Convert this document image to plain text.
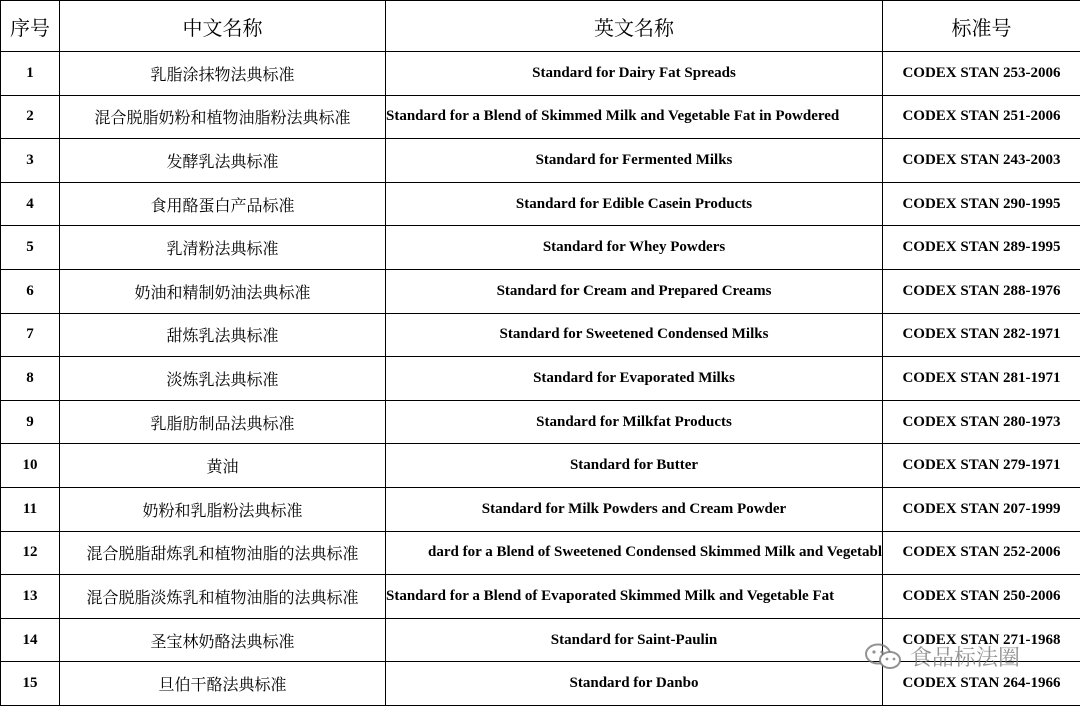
序号	中文名称	英文名称	标准号
1	乳脂涂抹物法典标准	Standard for Dairy Fat Spreads	CODEX STAN 253-2006
2	混合脱脂奶粉和植物油脂粉法典标准	Standard for a Blend of Skimmed Milk and Vegetable Fat in Powdered	CODEX STAN 251-2006
3	发酵乳法典标准	Standard for Fermented Milks	CODEX STAN 243-2003
4	食用酪蛋白产品标准	Standard for Edible Casein Products	CODEX STAN 290-1995
5	乳清粉法典标准	Standard for Whey Powders	CODEX STAN 289-1995
6	奶油和精制奶油法典标准	Standard for Cream and Prepared Creams	CODEX STAN 288-1976
7	甜炼乳法典标准	Standard for Sweetened Condensed Milks	CODEX STAN 282-1971
8	淡炼乳法典标准	Standard for Evaporated Milks	CODEX STAN 281-1971
9	乳脂肪制品法典标准	Standard for Milkfat Products	CODEX STAN 280-1973
10	黄油	Standard for Butter	CODEX STAN 279-1971
11	奶粉和乳脂粉法典标准	Standard for Milk Powders and Cream Powder	CODEX STAN 207-1999
12	混合脱脂甜炼乳和植物油脂的法典标准	dard for a Blend of Sweetened Condensed Skimmed Milk and Vegetabl	CODEX STAN 252-2006
13	混合脱脂淡炼乳和植物油脂的法典标准	Standard for a Blend of Evaporated Skimmed Milk and Vegetable Fat	CODEX STAN 250-2006
14	圣宝林奶酪法典标准	Standard for Saint-Paulin	CODEX STAN 271-1968
15	旦伯干酪法典标准	Standard for Danbo	CODEX STAN 264-1966
食品标法圈
